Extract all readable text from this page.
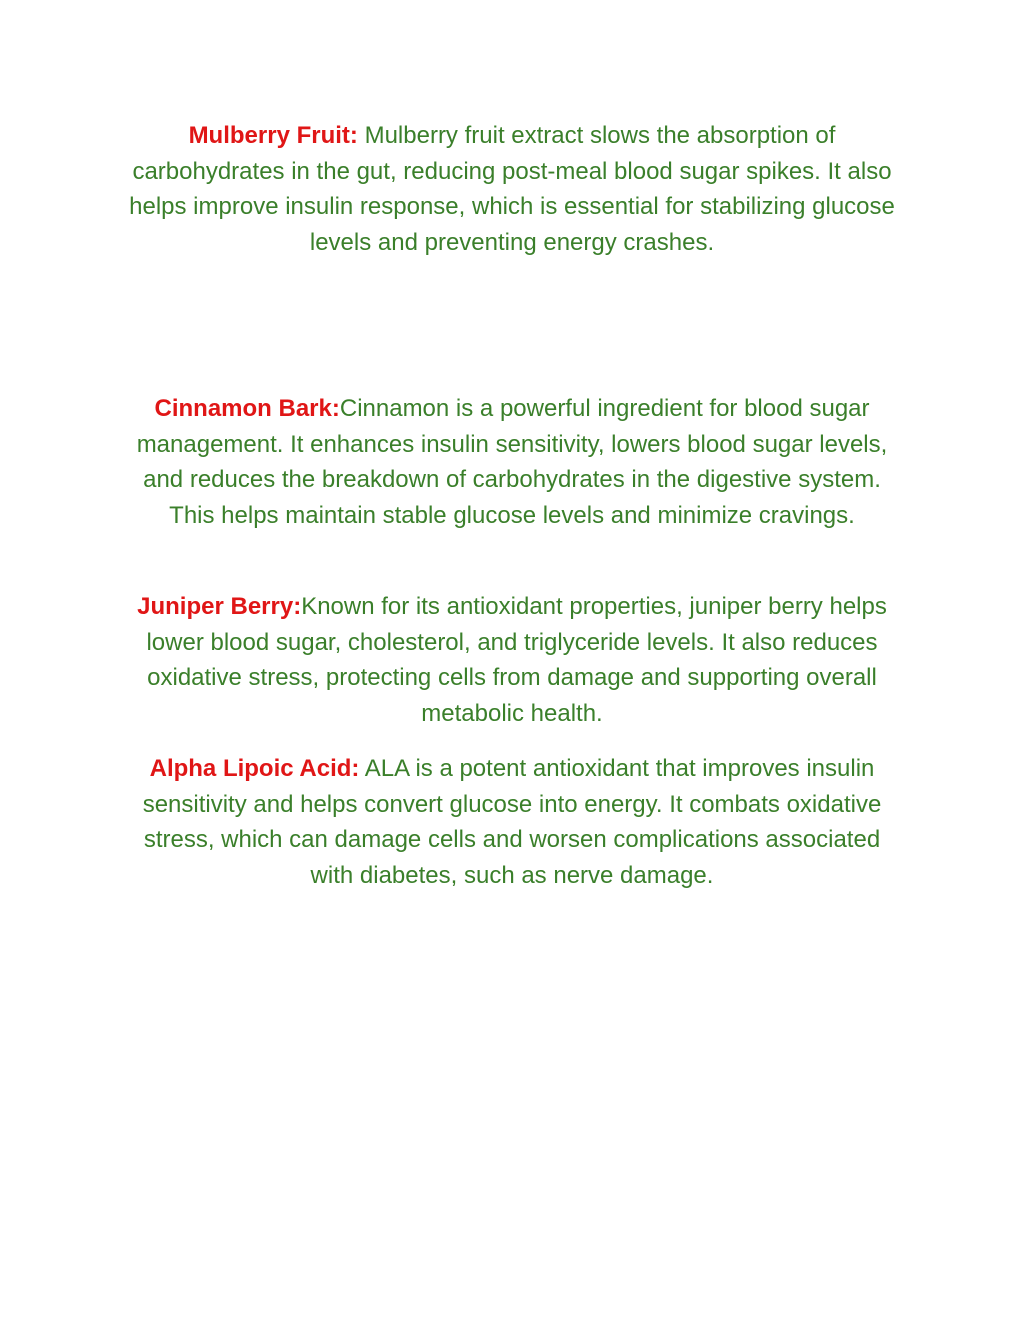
Mulberry Fruit: Mulberry fruit extract slows the absorption of carbohydrates in the gut, reducing post-meal blood sugar spikes. It also helps improve insulin response, which is essential for stabilizing glucose levels and preventing energy crashes.

Cinnamon Bark:Cinnamon is a powerful ingredient for blood sugar management. It enhances insulin sensitivity, lowers blood sugar levels, and reduces the breakdown of carbohydrates in the digestive system. This helps maintain stable glucose levels and minimize cravings.

Juniper Berry:Known for its antioxidant properties, juniper berry helps lower blood sugar, cholesterol, and triglyceride levels. It also reduces oxidative stress, protecting cells from damage and supporting overall metabolic health.

Alpha Lipoic Acid: ALA is a potent antioxidant that improves insulin sensitivity and helps convert glucose into energy. It combats oxidative stress, which can damage cells and worsen complications associated with diabetes, such as nerve damage.
